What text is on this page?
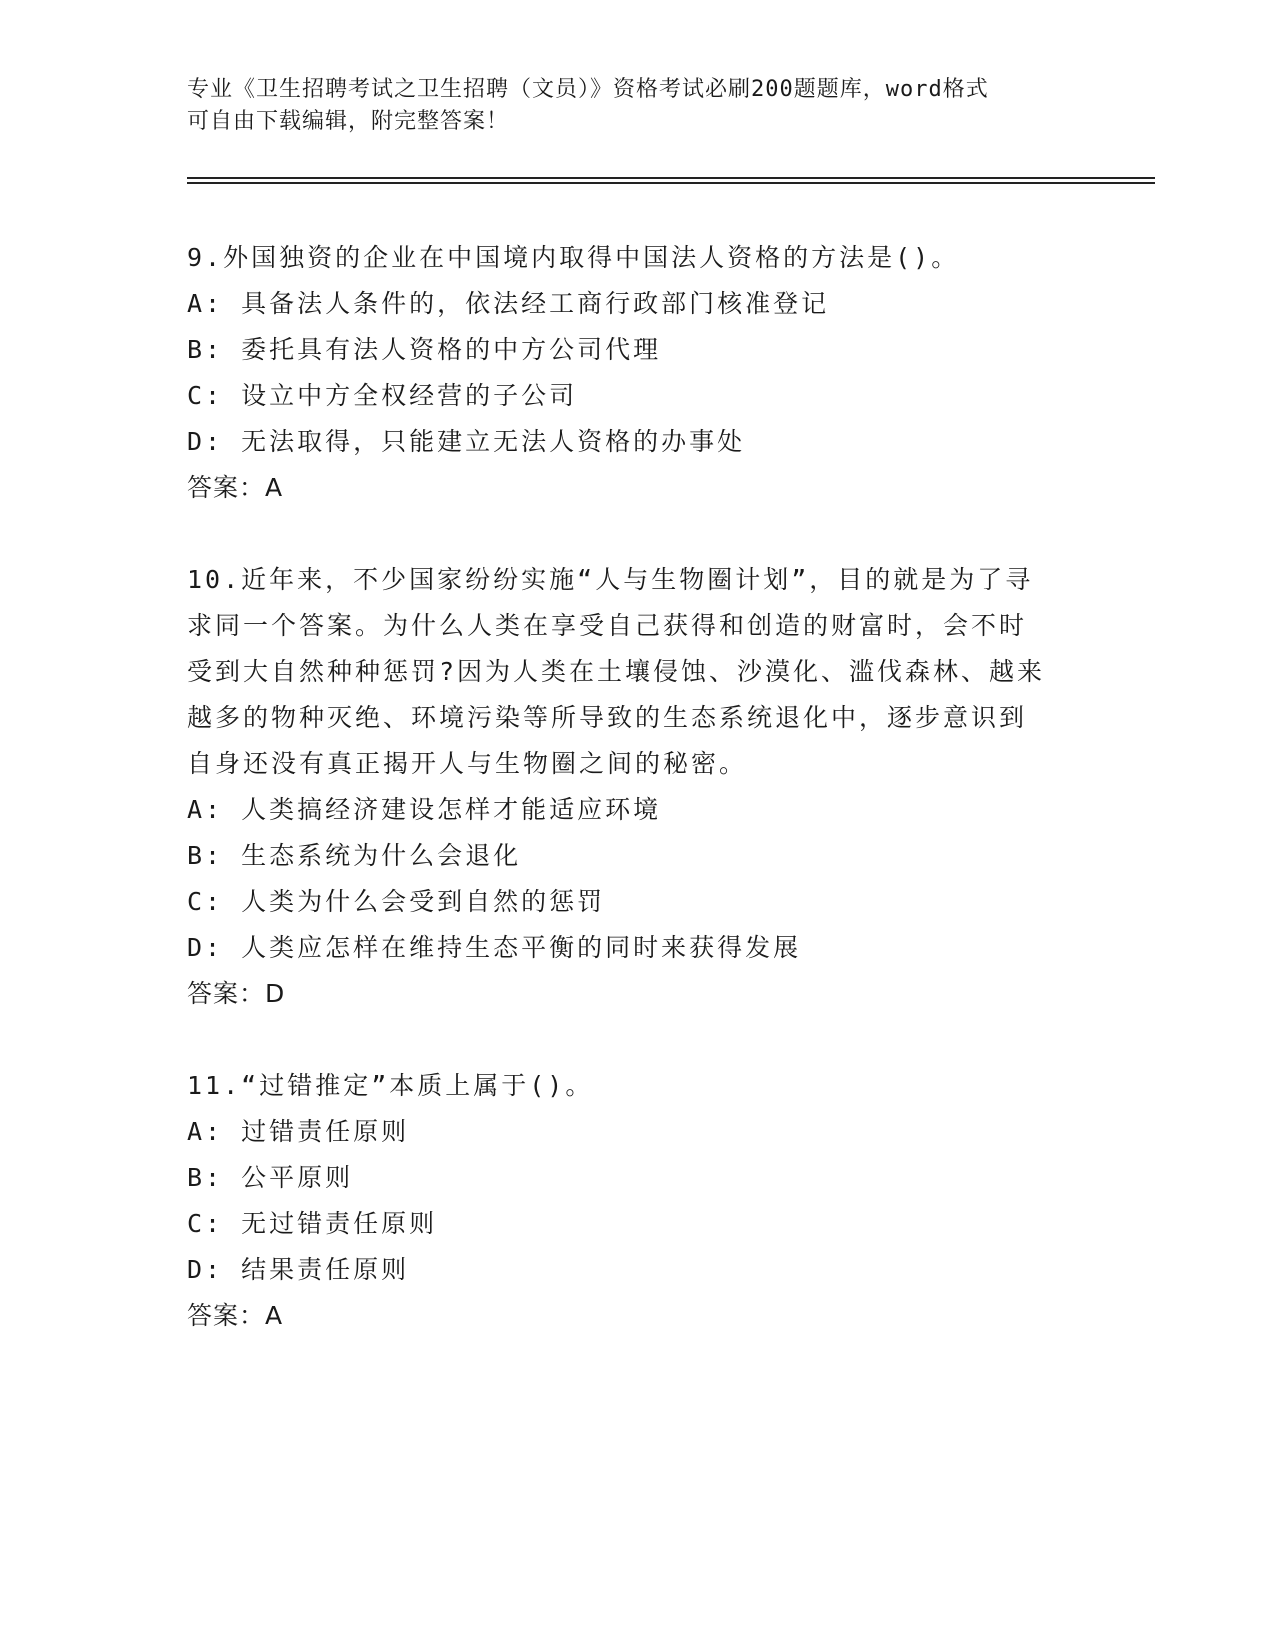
专业《卫生招聘考试之卫生招聘（文员）》资格考试必刷200题题库，word格式
可自由下载编辑，附完整答案！
9.外国独资的企业在中国境内取得中国法人资格的方法是()。
A: 具备法人条件的，依法经工商行政部门核准登记
B: 委托具有法人资格的中方公司代理
C: 设立中方全权经营的子公司
D: 无法取得，只能建立无法人资格的办事处
答案：A
10.近年来，不少国家纷纷实施“人与生物圈计划”，目的就是为了寻
求同一个答案。为什么人类在享受自己获得和创造的财富时，会不时
受到大自然种种惩罚?因为人类在土壤侵蚀、沙漠化、滥伐森林、越来
越多的物种灭绝、环境污染等所导致的生态系统退化中，逐步意识到
自身还没有真正揭开人与生物圈之间的秘密。
A: 人类搞经济建设怎样才能适应环境
B: 生态系统为什么会退化
C: 人类为什么会受到自然的惩罚
D: 人类应怎样在维持生态平衡的同时来获得发展
答案：D
11.“过错推定”本质上属于()。
A: 过错责任原则
B: 公平原则
C: 无过错责任原则
D: 结果责任原则
答案：A
